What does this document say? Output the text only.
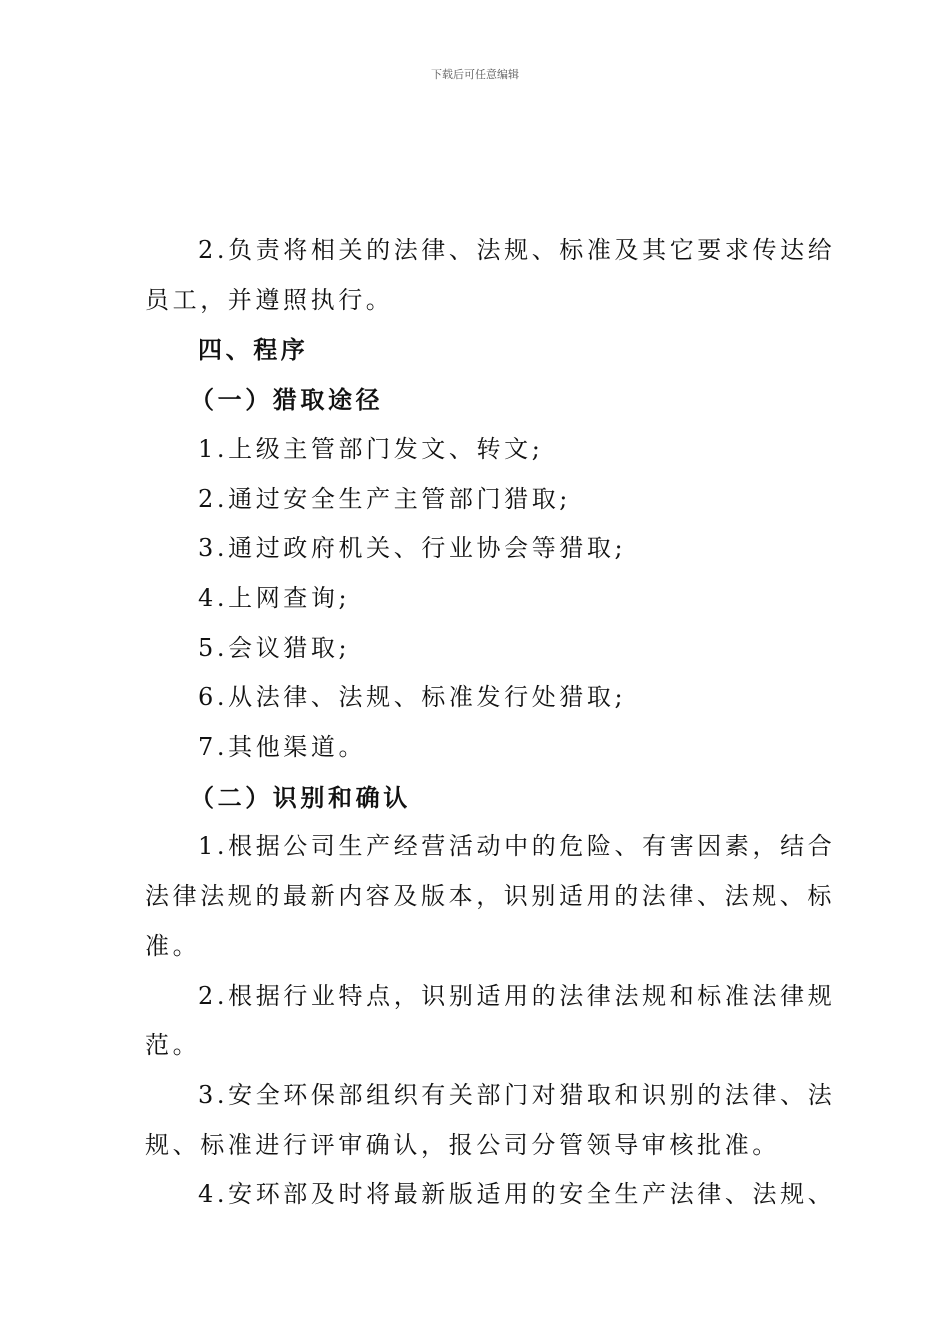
下载后可任意编辑

2.负责将相关的法律、法规、标准及其它要求传达给

员工，并遵照执行。

四、程序

（一）猎取途径

1.上级主管部门发文、转文;

2.通过安全生产主管部门猎取;

3.通过政府机关、行业协会等猎取;

4.上网查询;

5.会议猎取;

6.从法律、法规、标准发行处猎取;

7.其他渠道。

（二）识别和确认

1.根据公司生产经营活动中的危险、有害因素，结合

法律法规的最新内容及版本，识别适用的法律、法规、标

准。

2.根据行业特点，识别适用的法律法规和标准法律规

范。

3.安全环保部组织有关部门对猎取和识别的法律、法

规、标准进行评审确认，报公司分管领导审核批准。

4.安环部及时将最新版适用的安全生产法律、法规、
